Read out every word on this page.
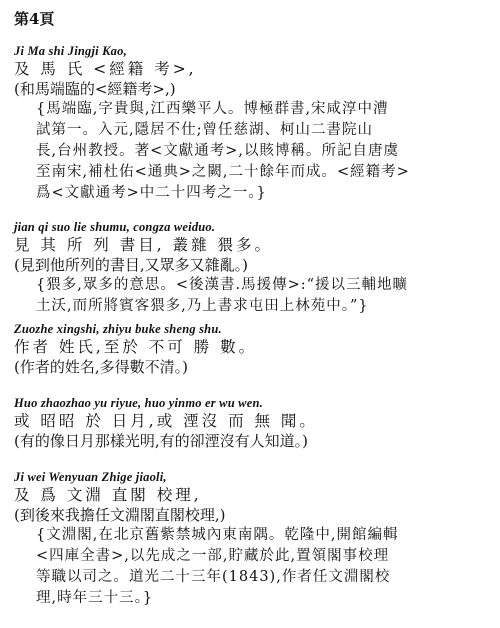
第4頁
Ji Ma shi Jingji Kao,
及 馬 氏 <經籍 考>,
(和馬端臨的<經籍考>,)
{馬端臨,字貴與,江西樂平人。博極群書,宋咸淳中漕
試第一。入元,隱居不仕;曾任慈湖、柯山二書院山
長,台州教授。著<文獻通考>,以賅博稱。所記自唐虞
至南宋,補杜佑<通典>之闕,二十餘年而成。<經籍考>
爲<文獻通考>中二十四考之一。}
jian qi suo lie shumu, congza weiduo.
見 其 所 列 書目, 叢雜 猥多。
(見到他所列的書目,又眾多又雜亂。)
{猥多,眾多的意思。<後漢書.馬援傳>:“援以三輔地曠
土沃,而所將賓客猥多,乃上書求屯田上林苑中。”}
Zuozhe xingshi, zhiyu buke sheng shu.
作者 姓氏,至於 不可 勝 數。
(作者的姓名,多得數不清。)
Huo zhaozhao yu riyue, huo yinmo er wu wen.
或 昭昭 於 日月,或 湮沒 而 無 聞。
(有的像日月那樣光明,有的卻湮沒有人知道。)
Ji wei Wenyuan Zhige jiaoli,
及 爲 文淵 直閣 校理,
(到後來我擔任文淵閣直閣校理,)
{文淵閣,在北京舊紫禁城內東南隅。乾隆中,開館編輯
<四庫全書>,以先成之一部,貯藏於此,置領閣事校理
等職以司之。道光二十三年(1843),作者任文淵閣校
理,時年三十三。}
